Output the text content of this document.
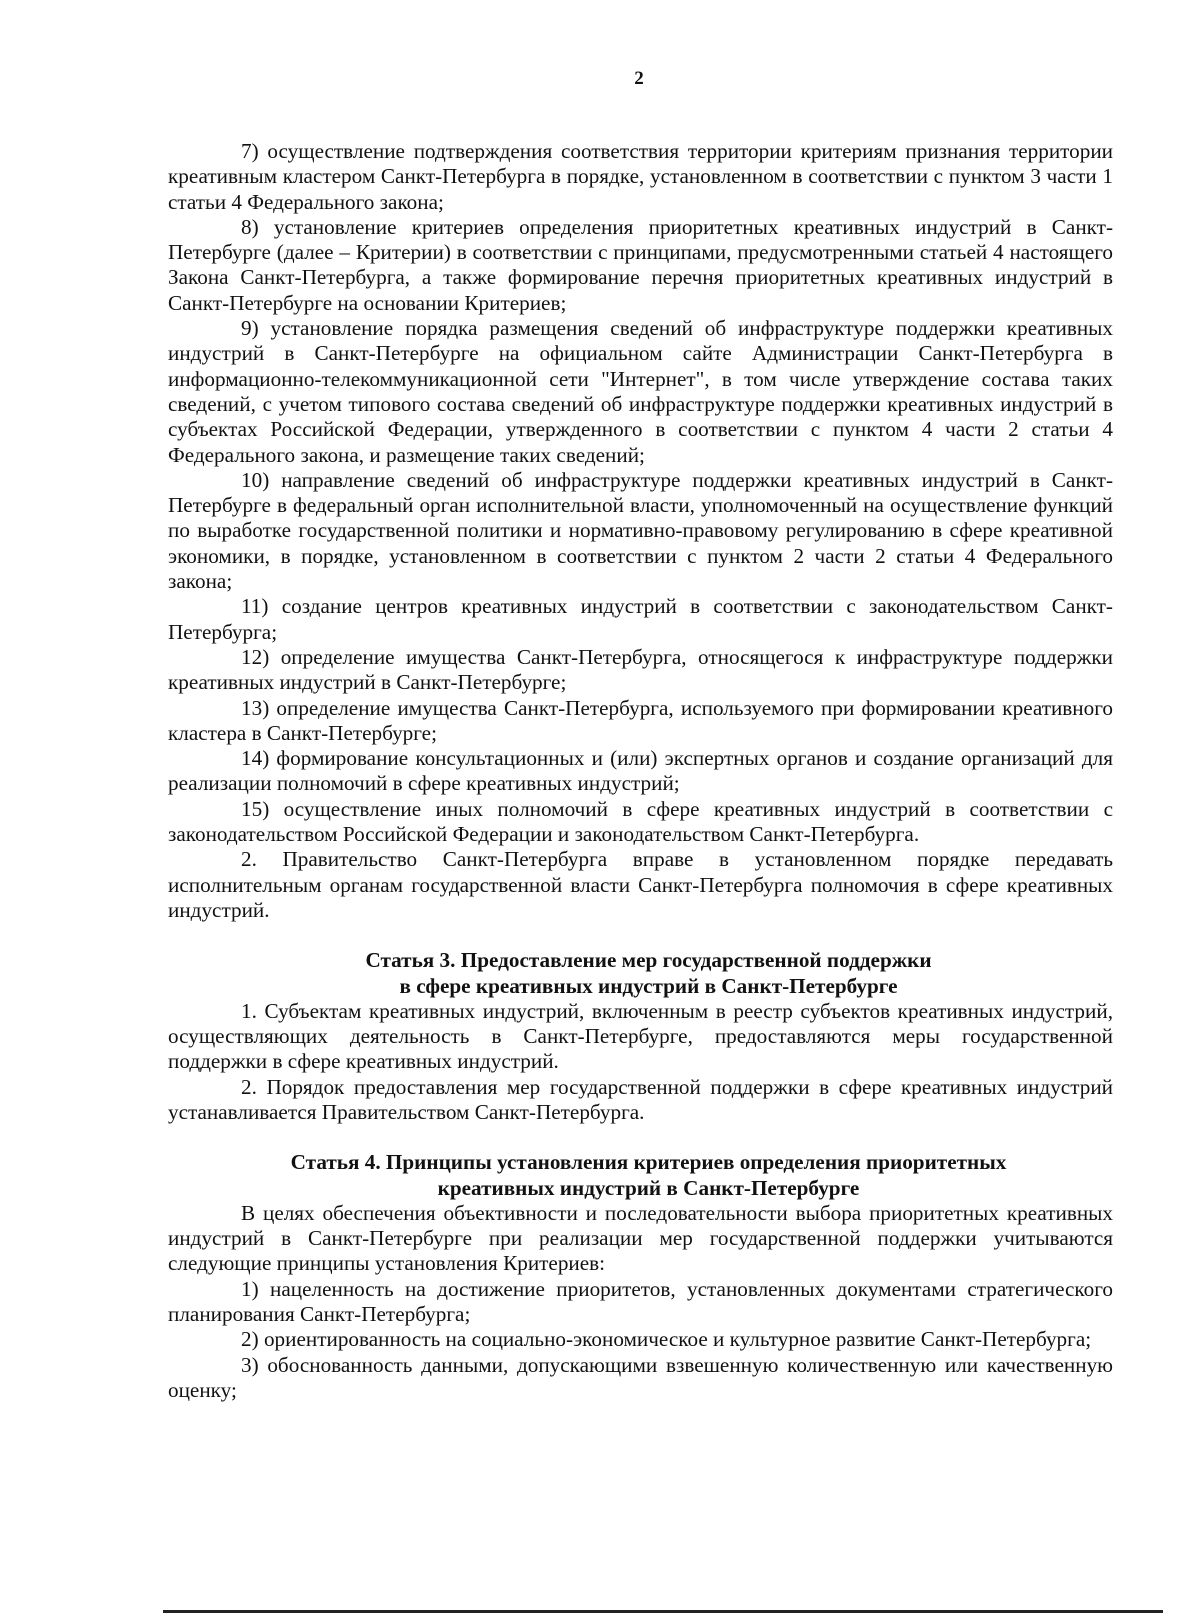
2

7) осуществление подтверждения соответствия территории критериям признания территории креативным кластером Санкт-Петербурга в порядке, установленном в соответствии с пунктом 3 части 1 статьи 4 Федерального закона;

8) установление критериев определения приоритетных креативных индустрий в Санкт-Петербурге (далее – Критерии) в соответствии с принципами, предусмотренными статьей 4 настоящего Закона Санкт-Петербурга, а также формирование перечня приоритетных креативных индустрий в Санкт-Петербурге на основании Критериев;

9) установление порядка размещения сведений об инфраструктуре поддержки креативных индустрий в Санкт-Петербурге на официальном сайте Администрации Санкт-Петербурга в информационно-телекоммуникационной сети "Интернет", в том числе утверждение состава таких сведений, с учетом типового состава сведений об инфраструктуре поддержки креативных индустрий в субъектах Российской Федерации, утвержденного в соответствии с пунктом 4 части 2 статьи 4 Федерального закона, и размещение таких сведений;

10) направление сведений об инфраструктуре поддержки креативных индустрий в Санкт-Петербурге в федеральный орган исполнительной власти, уполномоченный на осуществление функций по выработке государственной политики и нормативно-правовому регулированию в сфере креативной экономики, в порядке, установленном в соответствии с пунктом 2 части 2 статьи 4 Федерального закона;

11) создание центров креативных индустрий в соответствии с законодательством Санкт-Петербурга;

12) определение имущества Санкт-Петербурга, относящегося к инфраструктуре поддержки креативных индустрий в Санкт-Петербурге;

13) определение имущества Санкт-Петербурга, используемого при формировании креативного кластера в Санкт-Петербурге;

14) формирование консультационных и (или) экспертных органов и создание организаций для реализации полномочий в сфере креативных индустрий;

15) осуществление иных полномочий в сфере креативных индустрий в соответствии с законодательством Российской Федерации и законодательством Санкт-Петербурга.

2. Правительство Санкт-Петербурга вправе в установленном порядке передавать исполнительным органам государственной власти Санкт-Петербурга полномочия в сфере креативных индустрий.

Статья 3. Предоставление мер государственной поддержки
в сфере креативных индустрий в Санкт-Петербурге

1. Субъектам креативных индустрий, включенным в реестр субъектов креативных индустрий, осуществляющих деятельность в Санкт-Петербурге, предоставляются меры государственной поддержки в сфере креативных индустрий.

2. Порядок предоставления мер государственной поддержки в сфере креативных индустрий устанавливается Правительством Санкт-Петербурга.

Статья 4. Принципы установления критериев определения приоритетных
креативных индустрий в Санкт-Петербурге

В целях обеспечения объективности и последовательности выбора приоритетных креативных индустрий в Санкт-Петербурге при реализации мер государственной поддержки учитываются следующие принципы установления Критериев:

1) нацеленность на достижение приоритетов, установленных документами стратегического планирования Санкт-Петербурга;

2) ориентированность на социально-экономическое и культурное развитие Санкт-Петербурга;

3) обоснованность данными, допускающими взвешенную количественную или качественную оценку;
